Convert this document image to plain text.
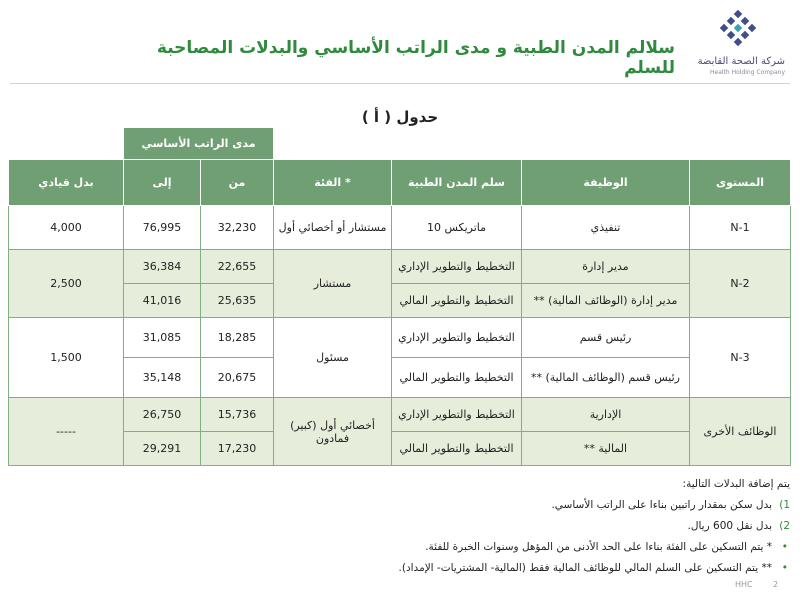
سلالم المدن الطبية و مدى الراتب الأساسي والبدلات المصاحبة للسلم شركة الصحة القابضة
Health Holding Company
حدول ( أ )
	مدى الراتب الأساسي					
بدل قيادي	إلى	من	الفئة *	سلم المدن الطبية	الوظيفة	المستوى
4,000	76,995	32,230	مستشار أو أخصائي أول	ماتريكس 10	تنفيذي	N-1
2,500	36,384	22,655	مستشار	التخطيط والتطوير الإداري	مدير إدارة	N-2
	41,016	25,635		التخطيط والتطوير المالي	مدير إدارة (الوظائف المالية) **	
1,500	31,085	18,285	مسئول	التخطيط والتطوير الإداري	رئيس قسم	N-3
	35,148	20,675		التخطيط والتطوير المالي	رئيس قسم (الوظائف المالية) **	
-----	26,750	15,736	أخصائي أول (كبير) فمادون	التخطيط والتطوير الإداري	الإدارية	الوظائف الأخرى
	29,291	17,230		التخطيط والتطوير المالي	المالية **	
يتم إضافة البدلات التالية:
1)
بدل سكن بمقدار راتبين بناءا على الراتب الأساسي.
2)
بدل نقل 600 ريال.
•
* يتم التسكين على الفئة بناءا على الحد الأدنى من المؤهل وسنوات الخبرة للفئة.
•
** يتم التسكين على السلم المالي للوظائف المالية فقط (المالية- المشتريات- الإمداد).
HHC	2
